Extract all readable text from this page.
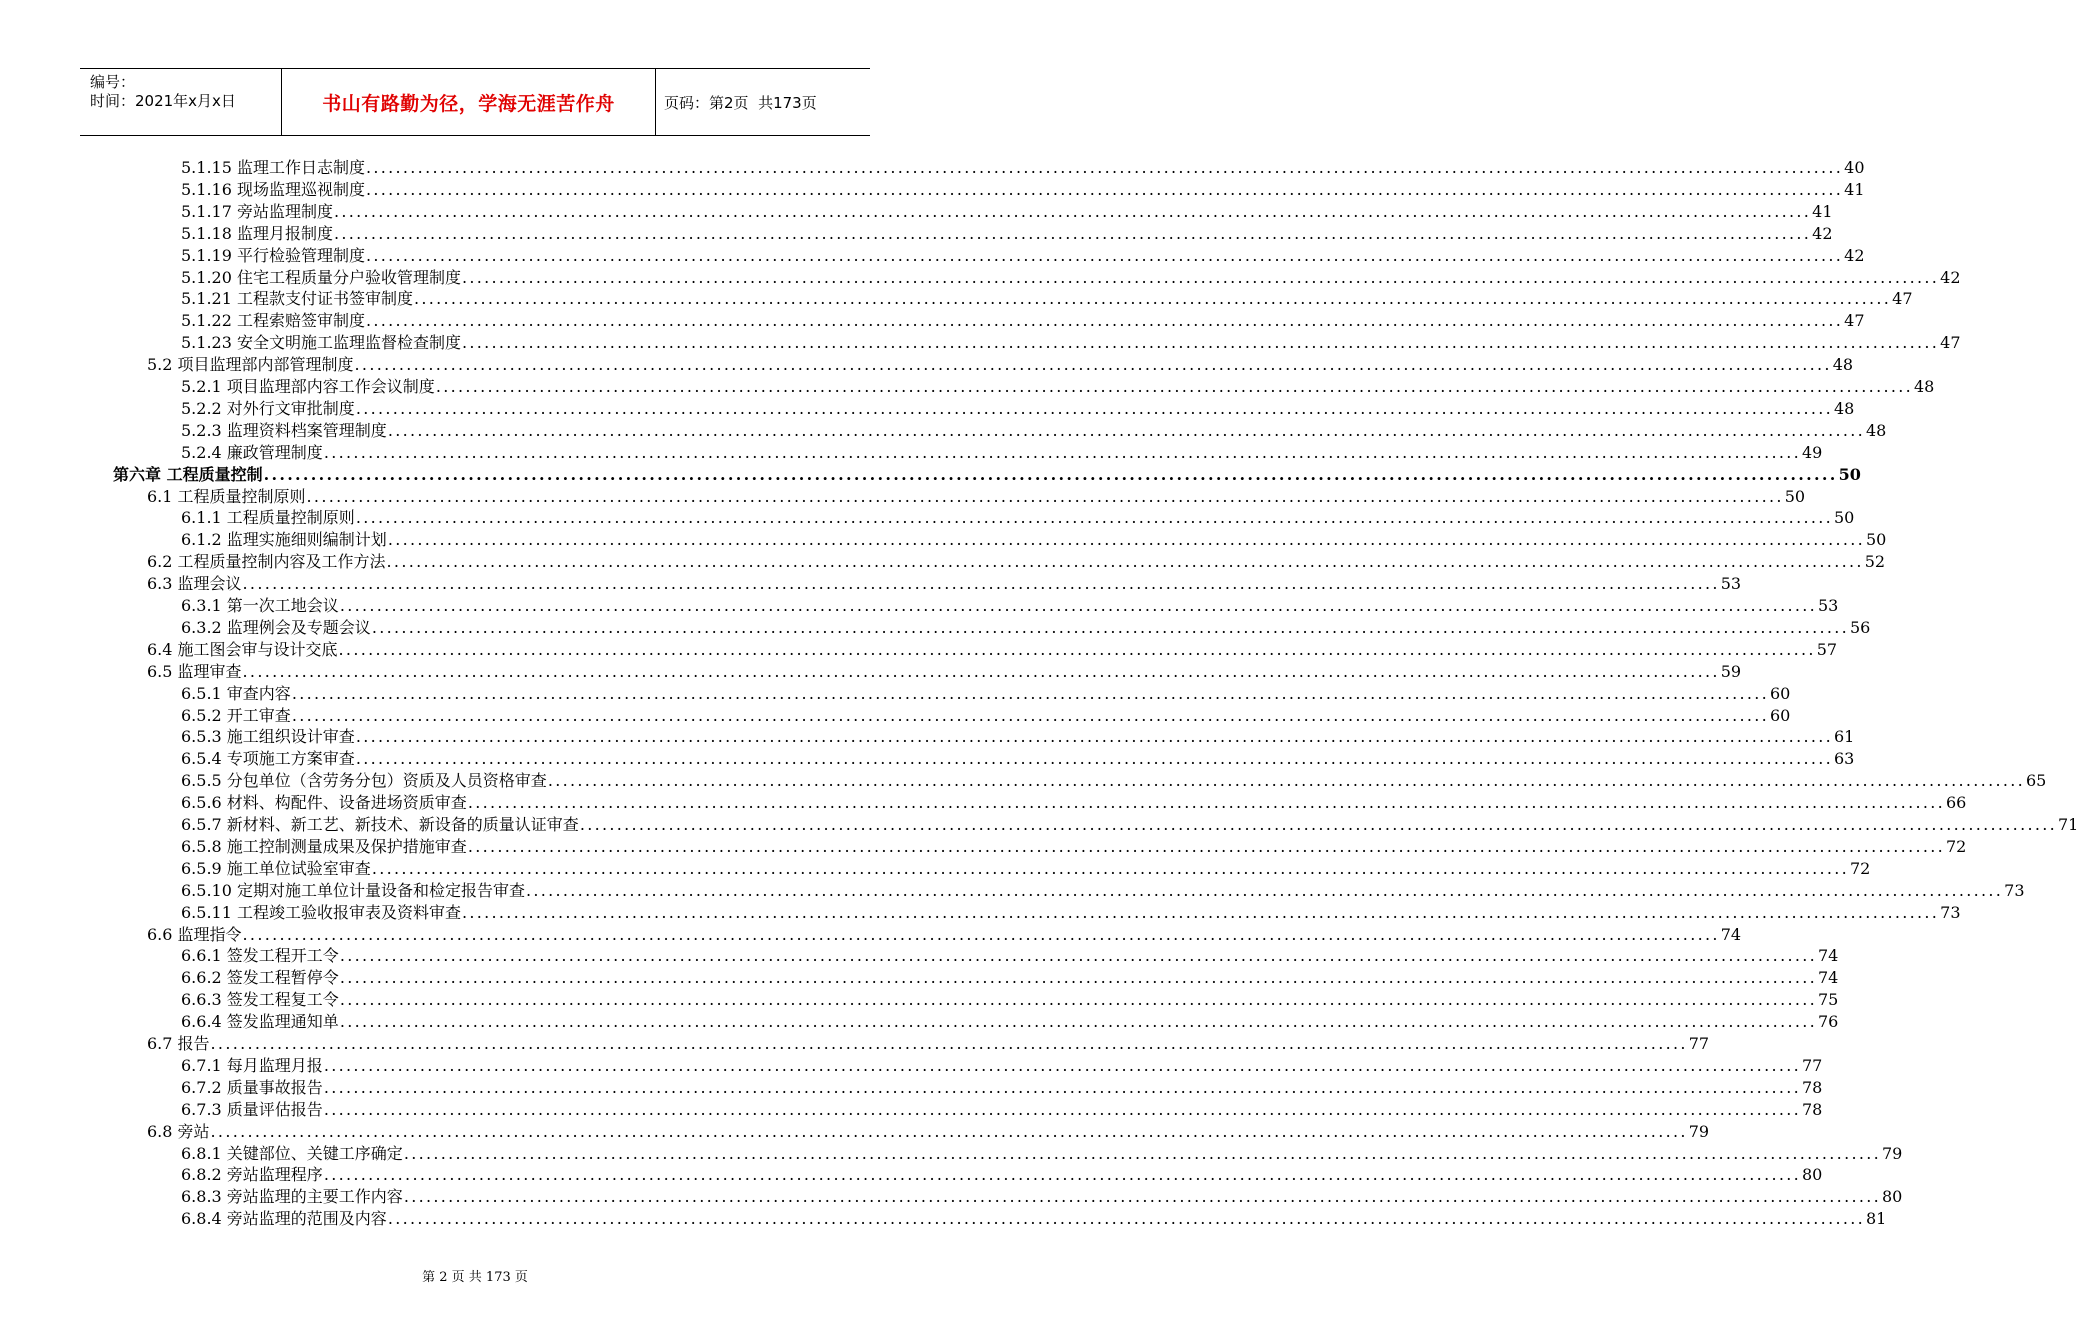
编号：
时间：2021年x月x日	书山有路勤为径，学海无涯苦作舟	页码：第2页  共173页
5.1.15 监理工作日志制度 ........................................................................................................................................................................................................ 40
5.1.16 现场监理巡视制度 ........................................................................................................................................................................................................ 41
5.1.17 旁站监理制度 ........................................................................................................................................................................................................ 41
5.1.18 监理月报制度 ........................................................................................................................................................................................................ 42
5.1.19 平行检验管理制度 ........................................................................................................................................................................................................ 42
5.1.20 住宅工程质量分户验收管理制度 ........................................................................................................................................................................................................ 42
5.1.21 工程款支付证书签审制度 ........................................................................................................................................................................................................ 47
5.1.22 工程索赔签审制度 ........................................................................................................................................................................................................ 47
5.1.23 安全文明施工监理监督检查制度 ........................................................................................................................................................................................................ 47
5.2 项目监理部内部管理制度 ........................................................................................................................................................................................................ 48
5.2.1 项目监理部内容工作会议制度 ........................................................................................................................................................................................................ 48
5.2.2 对外行文审批制度 ........................................................................................................................................................................................................ 48
5.2.3 监理资料档案管理制度 ........................................................................................................................................................................................................ 48
5.2.4 廉政管理制度 ........................................................................................................................................................................................................ 49
第六章 工程质量控制 ........................................................................................................................................................................................................ 50
6.1 工程质量控制原则 ........................................................................................................................................................................................................ 50
6.1.1 工程质量控制原则 ........................................................................................................................................................................................................ 50
6.1.2 监理实施细则编制计划 ........................................................................................................................................................................................................ 50
6.2 工程质量控制内容及工作方法 ........................................................................................................................................................................................................ 52
6.3 监理会议 ........................................................................................................................................................................................................ 53
6.3.1 第一次工地会议 ........................................................................................................................................................................................................ 53
6.3.2 监理例会及专题会议 ........................................................................................................................................................................................................ 56
6.4 施工图会审与设计交底 ........................................................................................................................................................................................................ 57
6.5 监理审查 ........................................................................................................................................................................................................ 59
6.5.1 审查内容 ........................................................................................................................................................................................................ 60
6.5.2 开工审查 ........................................................................................................................................................................................................ 60
6.5.3 施工组织设计审查 ........................................................................................................................................................................................................ 61
6.5.4 专项施工方案审查 ........................................................................................................................................................................................................ 63
6.5.5 分包单位（含劳务分包）资质及人员资格审查 ........................................................................................................................................................................................................ 65
6.5.6 材料、构配件、设备进场资质审查 ........................................................................................................................................................................................................ 66
6.5.7 新材料、新工艺、新技术、新设备的质量认证审查 ........................................................................................................................................................................................................ 71
6.5.8 施工控制测量成果及保护措施审查 ........................................................................................................................................................................................................ 72
6.5.9 施工单位试验室审查 ........................................................................................................................................................................................................ 72
6.5.10 定期对施工单位计量设备和检定报告审查 ........................................................................................................................................................................................................ 73
6.5.11 工程竣工验收报审表及资料审查 ........................................................................................................................................................................................................ 73
6.6 监理指令 ........................................................................................................................................................................................................ 74
6.6.1 签发工程开工令 ........................................................................................................................................................................................................ 74
6.6.2 签发工程暂停令 ........................................................................................................................................................................................................ 74
6.6.3 签发工程复工令 ........................................................................................................................................................................................................ 75
6.6.4 签发监理通知单 ........................................................................................................................................................................................................ 76
6.7 报告 ........................................................................................................................................................................................................ 77
6.7.1 每月监理月报 ........................................................................................................................................................................................................ 77
6.7.2 质量事故报告 ........................................................................................................................................................................................................ 78
6.7.3 质量评估报告 ........................................................................................................................................................................................................ 78
6.8 旁站 ........................................................................................................................................................................................................ 79
6.8.1 关键部位、关键工序确定 ........................................................................................................................................................................................................ 79
6.8.2 旁站监理程序 ........................................................................................................................................................................................................ 80
6.8.3 旁站监理的主要工作内容 ........................................................................................................................................................................................................ 80
6.8.4 旁站监理的范围及内容 ........................................................................................................................................................................................................ 81
第 2 页 共 173 页
